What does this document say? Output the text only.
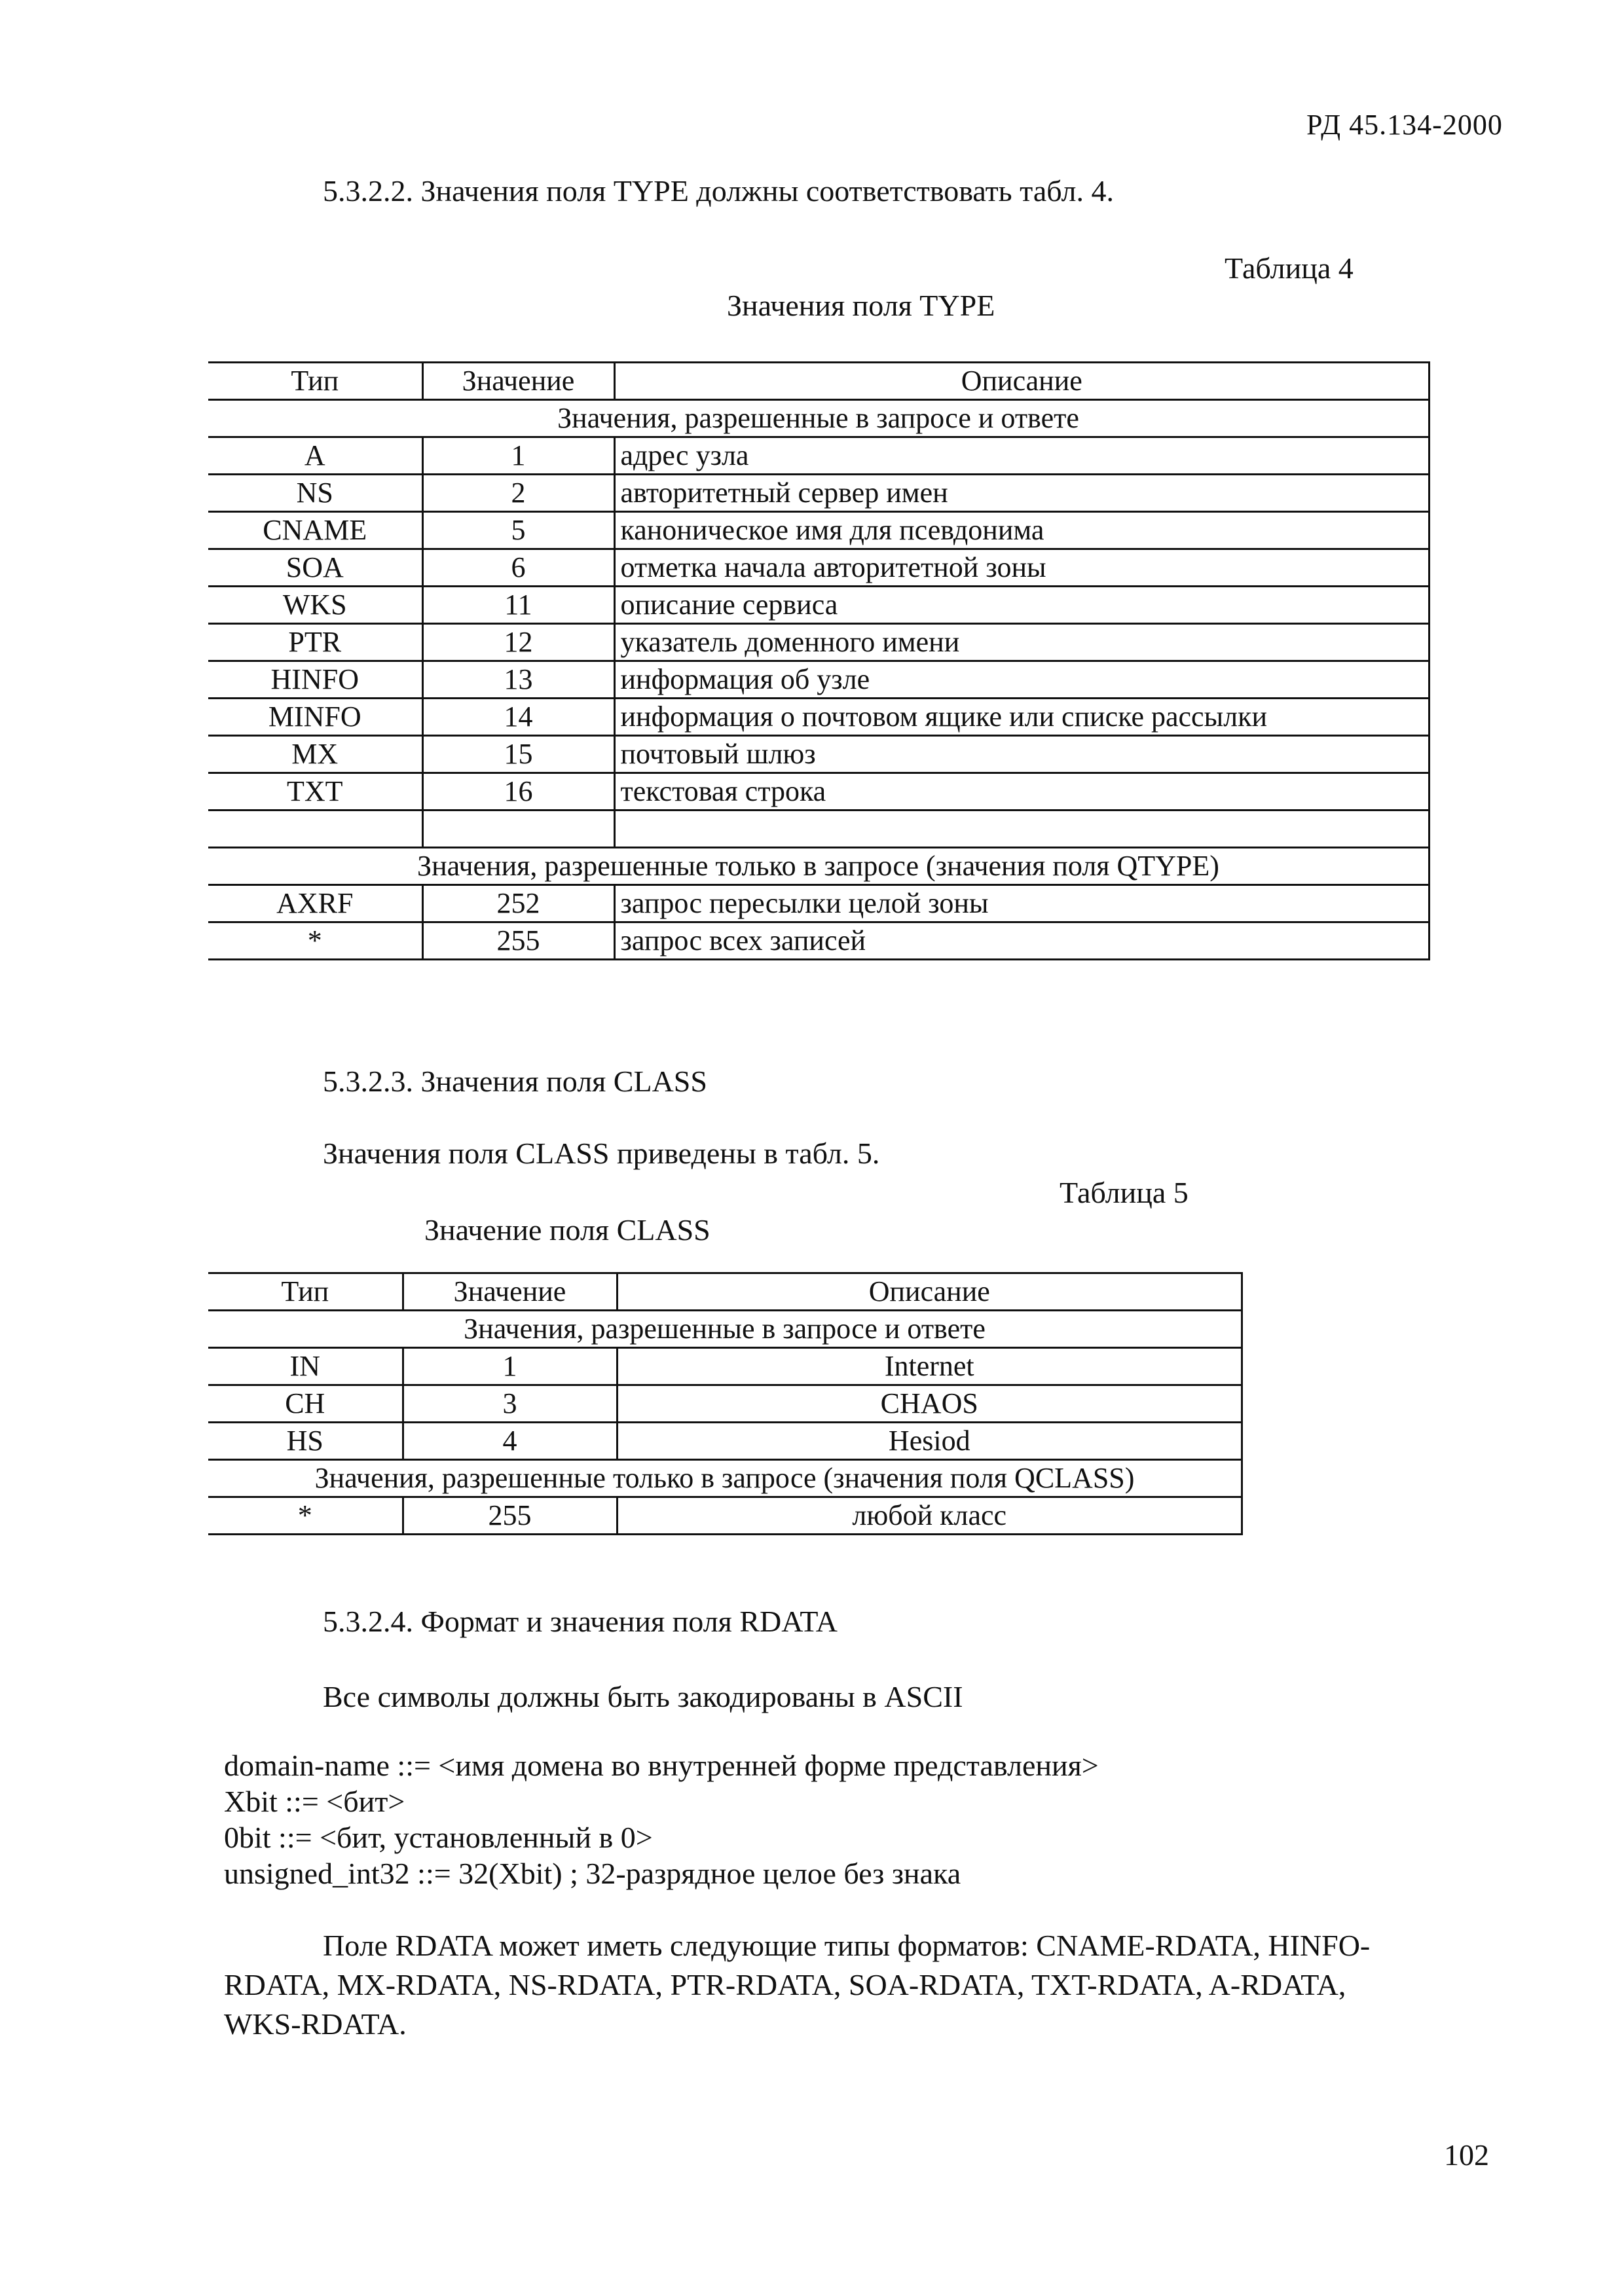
РД 45.134-2000
5.3.2.2. Значения поля TYPE должны соответствовать табл. 4.
Таблица 4
Значения поля TYPE
Тип	Значение	Описание
Значения, разрешенные в запросе и ответе		
A	1	адрес узла
NS	2	авторитетный сервер имен
CNAME	5	каноническое имя для псевдонима
SOA	6	отметка начала авторитетной зоны
WKS	11	описание сервиса
PTR	12	указатель доменного имени
HINFO	13	информация об узле
MINFO	14	информация о почтовом ящике или списке рассылки
MX	15	почтовый шлюз
TXT	16	текстовая строка

Значения, разрешенные только в запросе (значения поля QTYPE)		
AXRF	252	запрос пересылки целой зоны
*	255	запрос всех записей
5.3.2.3. Значения поля CLASS
Значения поля CLASS приведены в табл. 5.
Таблица 5
Значение поля CLASS
Тип	Значение	Описание
Значения, разрешенные в запросе и ответе		
IN	1	Internet
CH	3	CHAOS
HS	4	Hesiod
Значения, разрешенные только в запросе (значения поля QCLASS)		
*	255	любой класс
5.3.2.4. Формат и значения поля RDATA
Все символы должны быть закодированы в ASCII
domain-name ::= <имя домена во внутренней форме представления>
Xbit ::= <бит>
0bit ::= <бит, установленный в 0>
unsigned_int32 ::= 32(Xbit) ; 32-разрядное целое без знака
Поле RDATA может иметь следующие типы форматов: CNAME-RDATA, HINFO-
RDATA, MX-RDATA, NS-RDATA, PTR-RDATA, SOA-RDATA, TXT-RDATA, A-RDATA,
WKS-RDATA.
102
